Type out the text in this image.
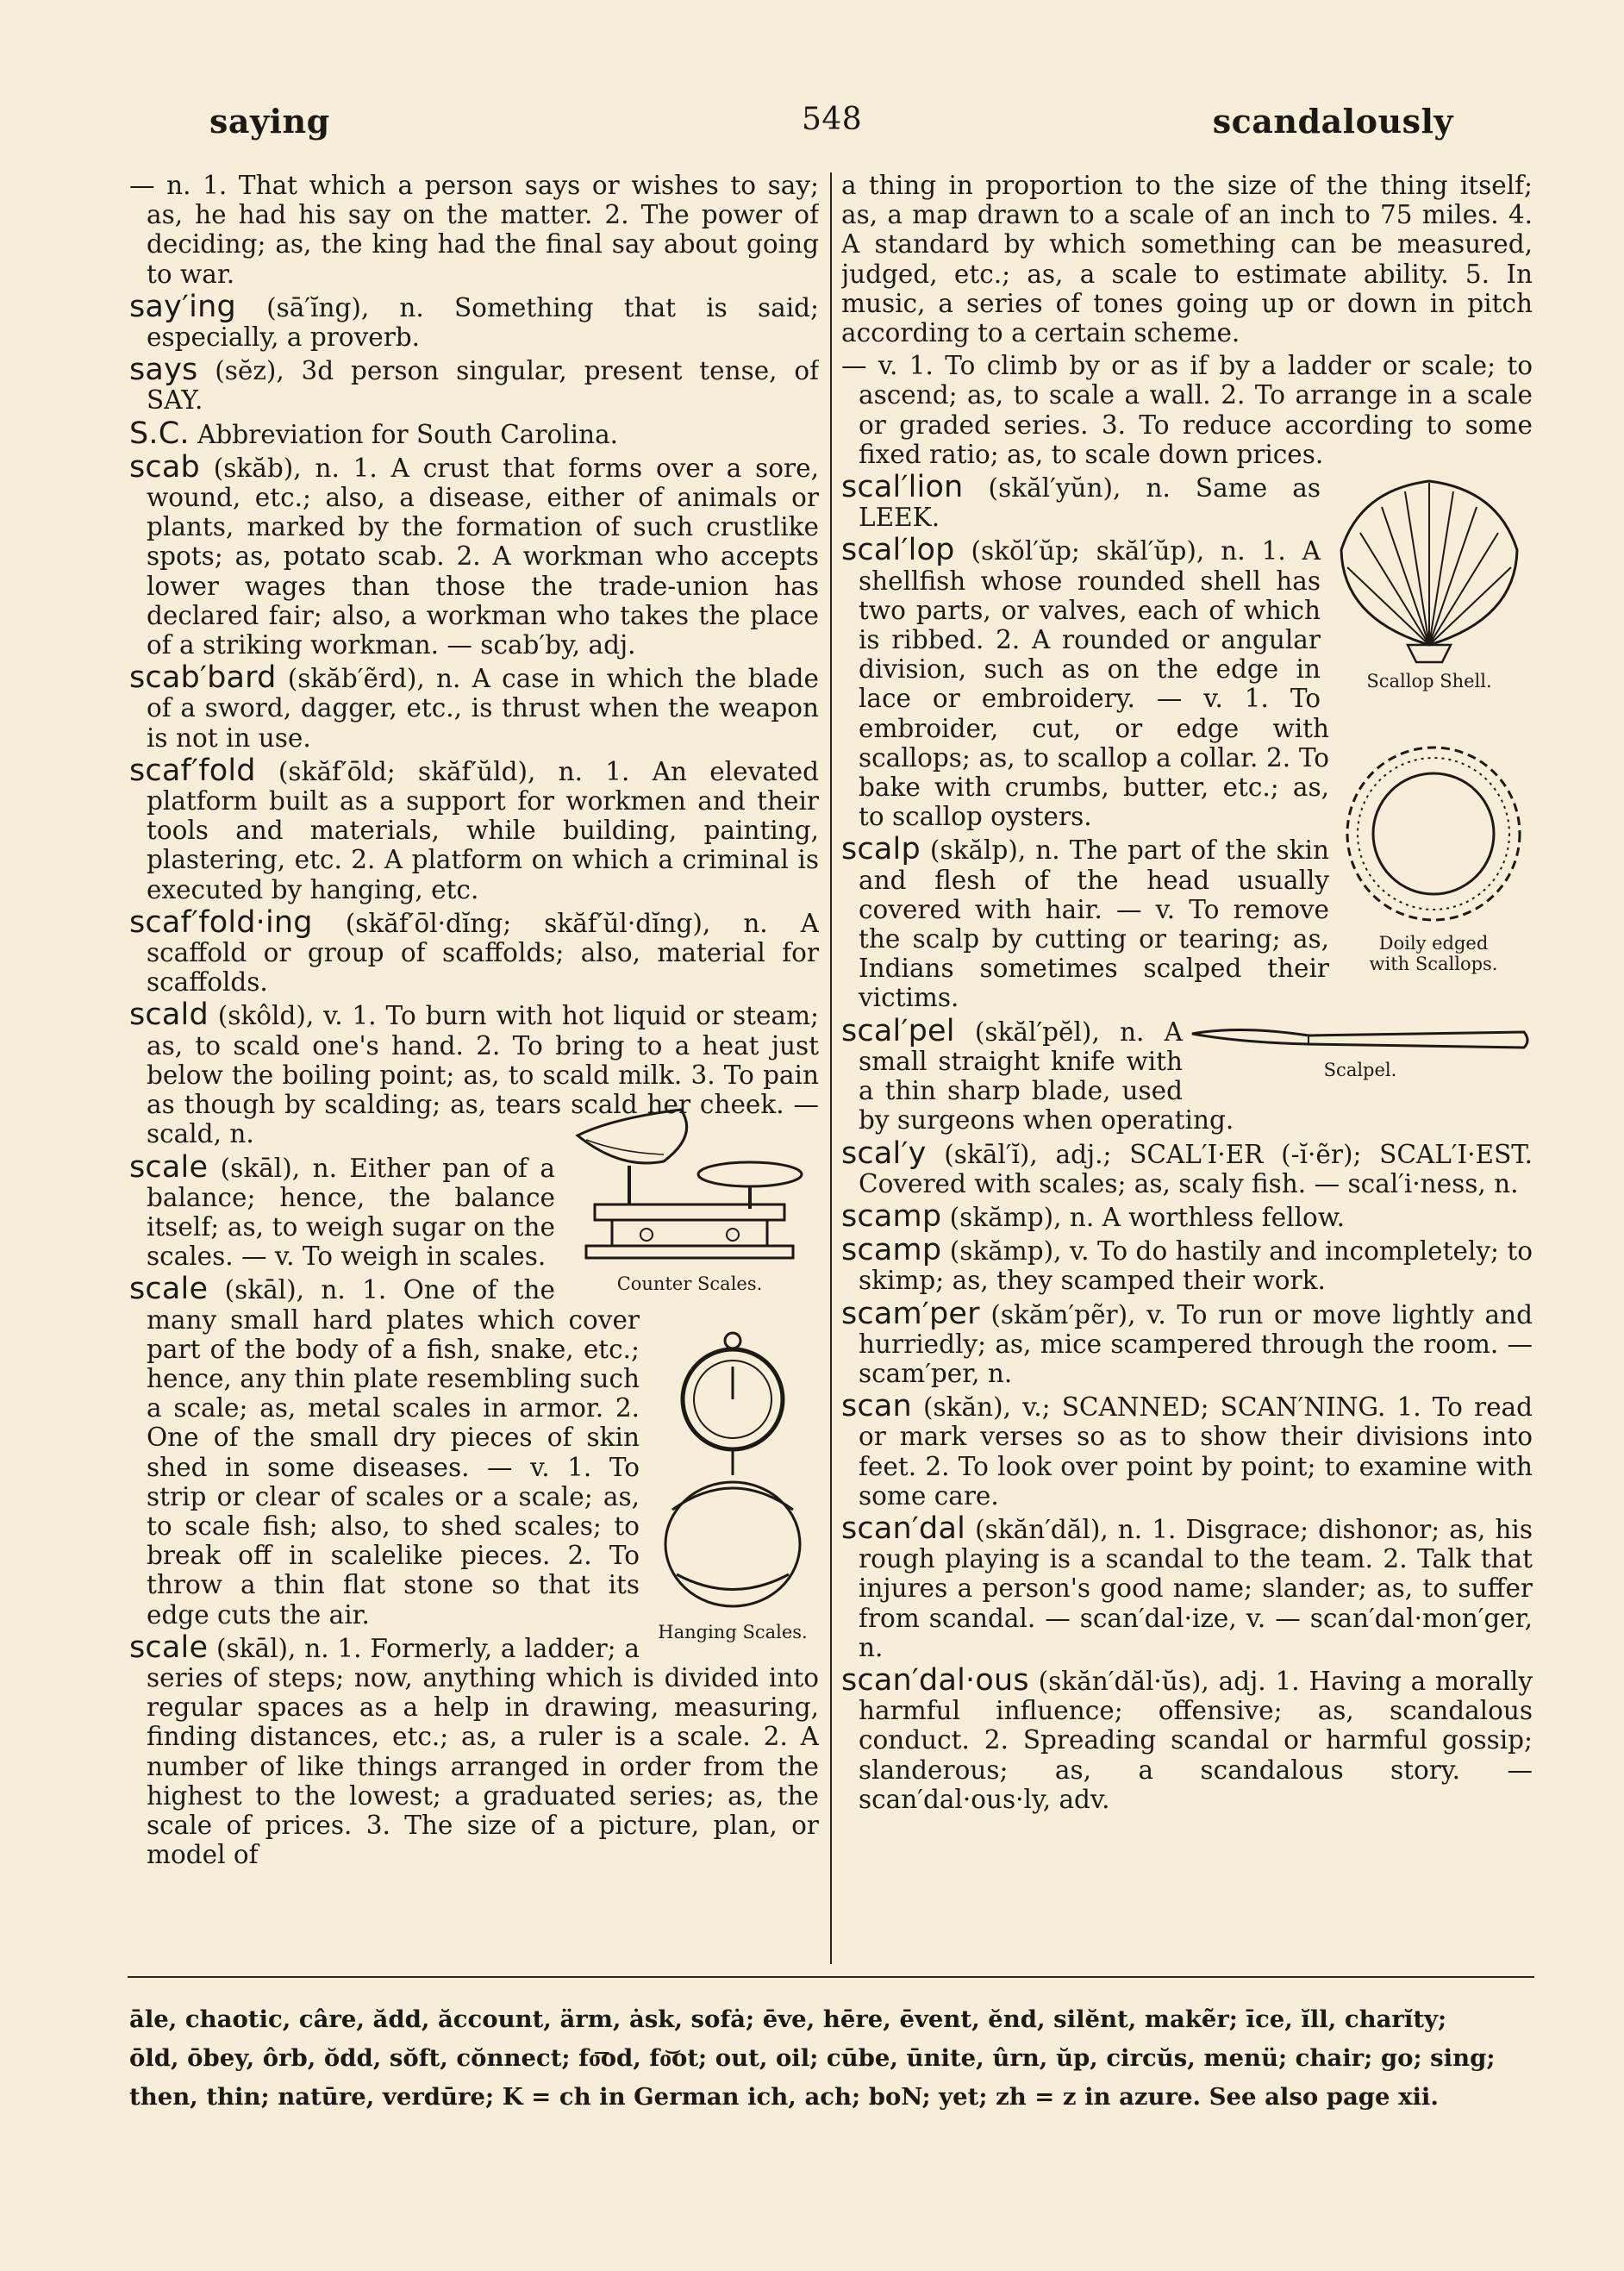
saying	548	scandalously

— n. 1. That which a person says or wishes to say; as, he had his say on the matter. 2. The power of deciding; as, the king had the final say about going to war.

say′ing (sā′ĭng), n. Something that is said; especially, a proverb.

says (sĕz), 3d person singular, present tense, of SAY.

S.C. Abbreviation for South Carolina.

scab (skăb), n. 1. A crust that forms over a sore, wound, etc.; also, a disease, either of animals or plants, marked by the formation of such crustlike spots; as, potato scab. 2. A workman who accepts lower wages than those the trade-union has declared fair; also, a workman who takes the place of a striking workman. — scab′by, adj.

scab′bard (skăb′ẽrd), n. A case in which the blade of a sword, dagger, etc., is thrust when the weapon is not in use.

scaf′fold (skăf′ōld; skăf′ŭld), n. 1. An elevated platform built as a support for workmen and their tools and materials, while building, painting, plastering, etc. 2. A platform on which a criminal is executed by hanging, etc.

scaf′fold·ing (skăf′ōl·dĭng; skăf′ŭl·dĭng), n. A scaffold or group of scaffolds; also, material for scaffolds.

scald (skôld), v. 1. To burn with hot liquid or steam; as, to scald one's hand. 2. To bring to a heat just below the boiling point; as, to scald milk. 3. To pain as though by scalding; as, tears scald her cheek. — scald, n.

Counter Scales.

scale (skāl), n. Either pan of a balance; hence, the balance itself; as, to weigh sugar on the scales. — v. To weigh in scales.

Hanging Scales.

scale (skāl), n. 1. One of the many small hard plates which cover part of the body of a fish, snake, etc.; hence, any thin plate resembling such a scale; as, metal scales in armor. 2. One of the small dry pieces of skin shed in some diseases. — v. 1. To strip or clear of scales or a scale; as, to scale fish; also, to shed scales; to break off in scalelike pieces. 2. To throw a thin flat stone so that its edge cuts the air.

scale (skāl), n. 1. Formerly, a ladder; a series of steps; now, anything which is divided into regular spaces as a help in drawing, measuring, finding distances, etc.; as, a ruler is a scale. 2. A number of like things arranged in order from the highest to the lowest; a graduated series; as, the scale of prices. 3. The size of a picture, plan, or model of

a thing in proportion to the size of the thing itself; as, a map drawn to a scale of an inch to 75 miles. 4. A standard by which something can be measured, judged, etc.; as, a scale to estimate ability. 5. In music, a series of tones going up or down in pitch according to a certain scheme.

— v. 1. To climb by or as if by a ladder or scale; to ascend; as, to scale a wall. 2. To arrange in a scale or graded series. 3. To reduce according to some fixed ratio; as, to scale down prices.

Scallop Shell.

scal′lion (skăl′yŭn), n. Same as LEEK.

Doily edged
with Scallops.

scal′lop (skŏl′ŭp; skăl′ŭp), n. 1. A shellfish whose rounded shell has two parts, or valves, each of which is ribbed. 2. A rounded or angular division, such as on the edge in lace or embroidery. — v. 1. To embroider, cut, or edge with scallops; as, to scallop a collar. 2. To bake with crumbs, butter, etc.; as, to scallop oysters.

scalp (skălp), n. The part of the skin and flesh of the head usually covered with hair. — v. To remove the scalp by cutting or tearing; as, Indians sometimes scalped their victims.

Scalpel.

scal′pel (skăl′pĕl), n. A small straight knife with a thin sharp blade, used by surgeons when operating.

scal′y (skāl′ĭ), adj.; SCAL′I·ER (-ĭ·ẽr); SCAL′I·EST. Covered with scales; as, scaly fish. — scal′i·ness, n.

scamp (skămp), n. A worthless fellow.

scamp (skămp), v. To do hastily and incompletely; to skimp; as, they scamped their work.

scam′per (skăm′pẽr), v. To run or move lightly and hurriedly; as, mice scampered through the room. — scam′per, n.

scan (skăn), v.; SCANNED; SCAN′NING. 1. To read or mark verses so as to show their divisions into feet. 2. To look over point by point; to examine with some care.

scan′dal (skăn′dăl), n. 1. Disgrace; dishonor; as, his rough playing is a scandal to the team. 2. Talk that injures a person's good name; slander; as, to suffer from scandal. — scan′dal·ize, v. — scan′dal·mon′ger, n.

scan′dal·ous (skăn′dăl·ŭs), adj. 1. Having a morally harmful influence; offensive; as, scandalous conduct. 2. Spreading scandal or harmful gossip; slanderous; as, a scandalous story. — scan′dal·ous·ly, adv.

āle, chaotic, câre, ădd, ăccount, ärm, ȧsk, sofȧ; ēve, hēre, ēvent, ĕnd, silĕnt, makẽr; īce, ĭll, charĭty;
ōld, ōbey, ôrb, ŏdd, sŏft, cŏnnect; fo͞od, fo͝ot; out, oil; cūbe, ūnite, ûrn, ŭp, circŭs, menü; chair; go; sing;
then, thin; natūre, verdūre; K = ch in German ich, ach; boN; yet; zh = z in azure. See also page xii.
